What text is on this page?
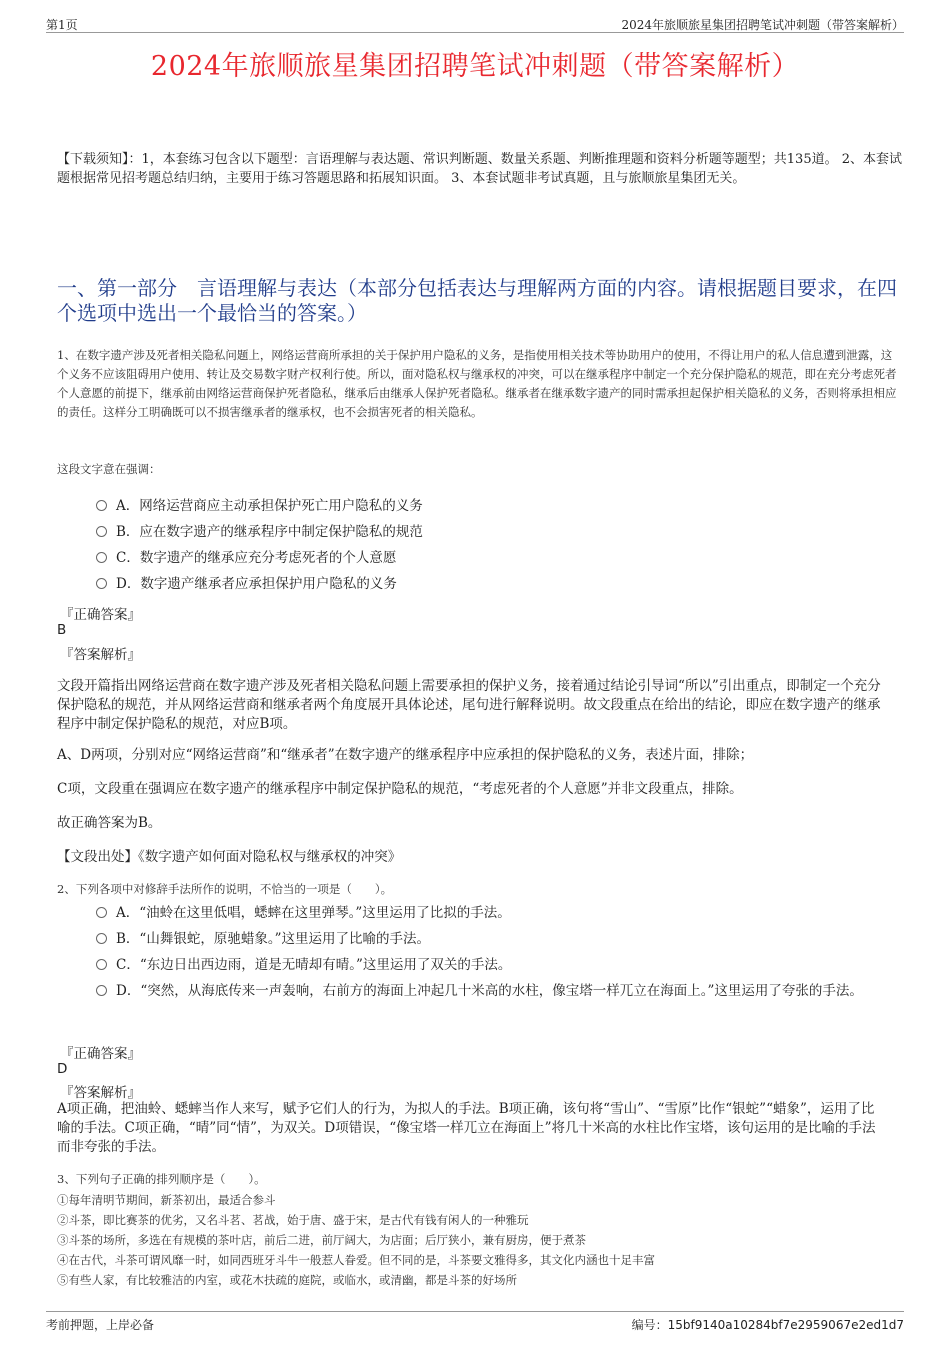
第1页	2024年旅顺旅星集团招聘笔试冲刺题（带答案解析）
2024年旅顺旅星集团招聘笔试冲刺题（带答案解析）
【下载须知】：1，本套练习包含以下题型：言语理解与表达题、常识判断题、数量关系题、判断推理题和资料分析题等题型；共135道。 2、本套试题根据常见招考题总结归纳，主要用于练习答题思路和拓展知识面。 3、本套试题非考试真题，且与旅顺旅星集团无关。
一、第一部分　言语理解与表达（本部分包括表达与理解两方面的内容。请根据题目要求，在四个选项中选出一个最恰当的答案。）
1、在数字遗产涉及死者相关隐私问题上，网络运营商所承担的关于保护用户隐私的义务，是指使用相关技术等协助用户的使用，不得让用户的私人信息遭到泄露，这个义务不应该阻碍用户使用、转让及交易数字财产权利行使。所以，面对隐私权与继承权的冲突，可以在继承程序中制定一个充分保护隐私的规范，即在充分考虑死者个人意愿的前提下，继承前由网络运营商保护死者隐私，继承后由继承人保护死者隐私。继承者在继承数字遗产的同时需承担起保护相关隐私的义务，否则将承担相应的责任。这样分工明确既可以不损害继承者的继承权，也不会损害死者的相关隐私。
这段文字意在强调：
A．网络运营商应主动承担保护死亡用户隐私的义务
B．应在数字遗产的继承程序中制定保护隐私的规范
C．数字遗产的继承应充分考虑死者的个人意愿
D．数字遗产继承者应承担保护用户隐私的义务
『正确答案』
B
『答案解析』
文段开篇指出网络运营商在数字遗产涉及死者相关隐私问题上需要承担的保护义务，接着通过结论引导词“所以”引出重点，即制定一个充分保护隐私的规范，并从网络运营商和继承者两个角度展开具体论述，尾句进行解释说明。故文段重点在给出的结论，即应在数字遗产的继承程序中制定保护隐私的规范，对应B项。
A、D两项，分别对应“网络运营商”和“继承者”在数字遗产的继承程序中应承担的保护隐私的义务，表述片面，排除；
C项，文段重在强调应在数字遗产的继承程序中制定保护隐私的规范，“考虑死者的个人意愿”并非文段重点，排除。
故正确答案为B。
【文段出处】《数字遗产如何面对隐私权与继承权的冲突》
2、下列各项中对修辞手法所作的说明，不恰当的一项是（　　）。
A．“油蛉在这里低唱，蟋蟀在这里弹琴。”这里运用了比拟的手法。
B．“山舞银蛇，原驰蜡象。”这里运用了比喻的手法。
C．“东边日出西边雨，道是无晴却有晴。”这里运用了双关的手法。
D．“突然，从海底传来一声轰响，右前方的海面上冲起几十米高的水柱，像宝塔一样兀立在海面上。”这里运用了夸张的手法。
『正确答案』
D
『答案解析』
A项正确，把油蛉、蟋蟀当作人来写，赋予它们人的行为，为拟人的手法。B项正确，该句将“雪山”、“雪原”比作“银蛇”“蜡象”，运用了比喻的手法。C项正确，“晴”同“情”，为双关。D项错误，“像宝塔一样兀立在海面上”将几十米高的水柱比作宝塔，该句运用的是比喻的手法而非夸张的手法。
3、下列句子正确的排列顺序是（　　）。
①每年清明节期间，新茶初出，最适合参斗
②斗茶，即比赛茶的优劣，又名斗茗、茗战，始于唐、盛于宋，是古代有钱有闲人的一种雅玩
③斗茶的场所，多选在有规模的茶叶店，前后二进，前厅阔大，为店面；后厅狭小，兼有厨房，便于煮茶
④在古代，斗茶可谓风靡一时，如同西班牙斗牛一般惹人眷爱。但不同的是，斗茶要文雅得多，其文化内涵也十足丰富
⑤有些人家，有比较雅洁的内室，或花木扶疏的庭院，或临水，或清幽，都是斗茶的好场所
考前押题，上岸必备	编号：15bf9140a10284bf7e2959067e2ed1d7
